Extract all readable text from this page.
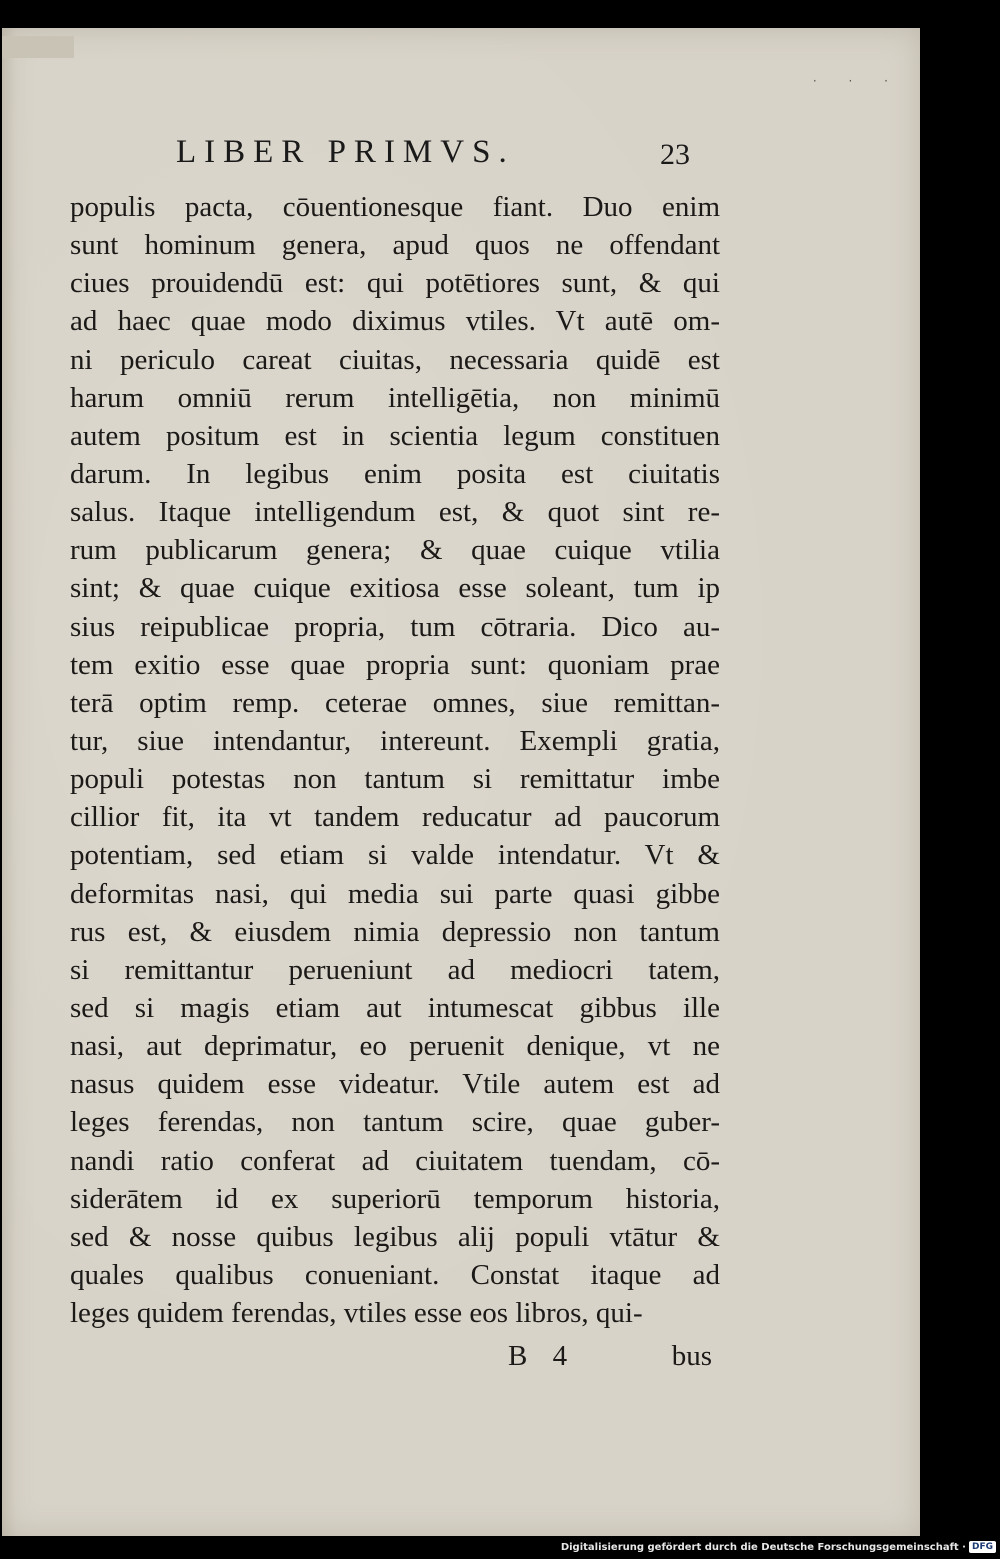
· · ·
LIBER PRIMVS.	23
populis pacta, cōuentionesque fiant. Duo enim
sunt hominum genera, apud quos ne offendant
ciues prouidendū est: qui potētiores sunt, & qui
ad haec quae modo diximus vtiles. Vt autē om-
ni periculo careat ciuitas, necessaria quidē est
harum omniū rerum intelligētia, non minimū
autem positum est in scientia legum constituen
darum. In legibus enim posita est ciuitatis
salus. Itaque intelligendum est, & quot sint re-
rum publicarum genera; & quae cuique vtilia
sint; & quae cuique exitiosa esse soleant, tum ip
sius reipublicae propria, tum cōtraria. Dico au-
tem exitio esse quae propria sunt: quoniam prae
terā optim remp. ceterae omnes, siue remittan-
tur, siue intendantur, intereunt. Exempli gratia,
populi potestas non tantum si remittatur imbe
cillior fit, ita vt tandem reducatur ad paucorum
potentiam, sed etiam si valde intendatur. Vt &
deformitas nasi, qui media sui parte quasi gibbe
rus est, & eiusdem nimia depressio non tantum
si remittantur perueniunt ad mediocri tatem,
sed si magis etiam aut intumescat gibbus ille
nasi, aut deprimatur, eo peruenit denique, vt ne
nasus quidem esse videatur. Vtile autem est ad
leges ferendas, non tantum scire, quae guber-
nandi ratio conferat ad ciuitatem tuendam, cō-
siderātem id ex superiorū temporum historia,
sed & nosse quibus legibus alij populi vtātur &
quales qualibus conueniant. Constat itaque ad
leges quidem ferendas, vtiles esse eos libros, qui-
B 4	bus
Digitalisierung gefördert durch die Deutsche Forschungsgemeinschaft · DFG
